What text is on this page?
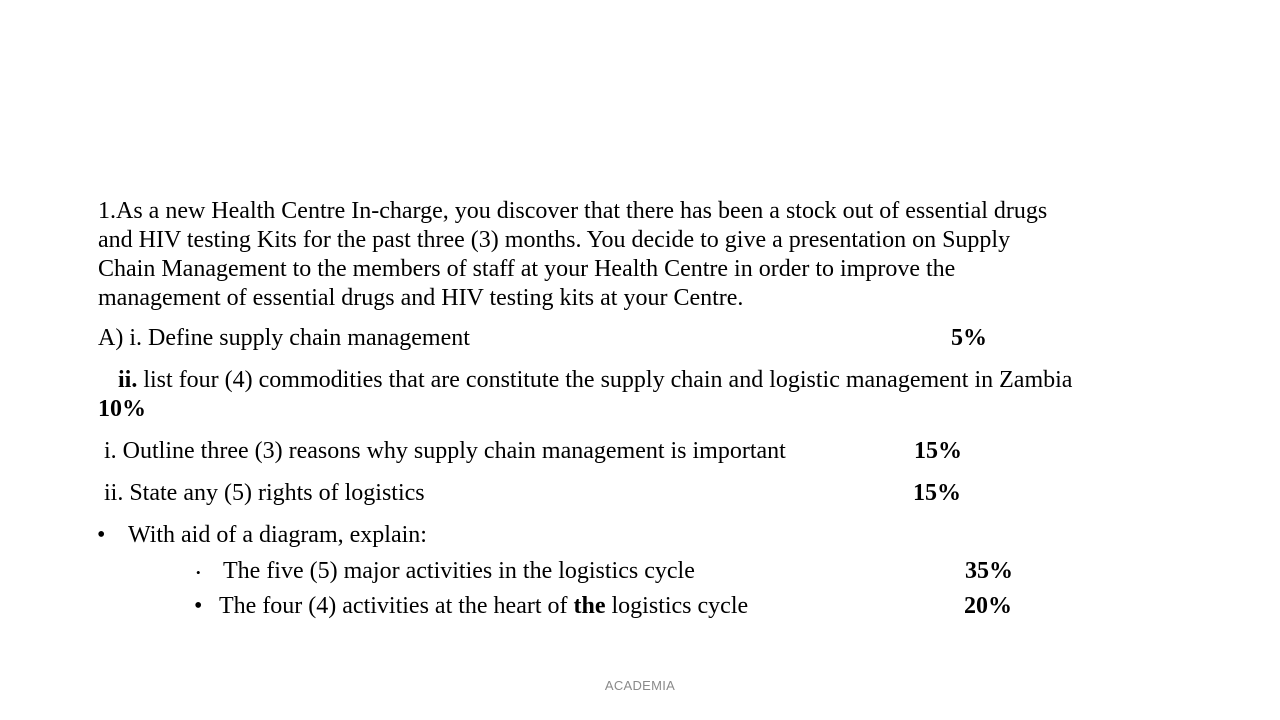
1.As a new Health Centre In-charge, you discover that there has been a stock out of essential drugs
and HIV testing Kits for the past three (3) months. You decide to give a presentation on Supply
Chain Management to the members of staff at your Health Centre in order to improve the
management of essential drugs and HIV testing kits at your Centre.
A) i. Define supply chain management	5%
ii. list four (4) commodities that are constitute the supply chain and logistic management in Zambia
10%
i. Outline three (3) reasons why supply chain management is important	15%
ii. State any (5) rights of logistics	15%
• With aid of a diagram, explain:
• The five (5) major activities in the logistics cycle	35%
• The four (4) activities at the heart of the logistics cycle	20%
ACADEMIA
